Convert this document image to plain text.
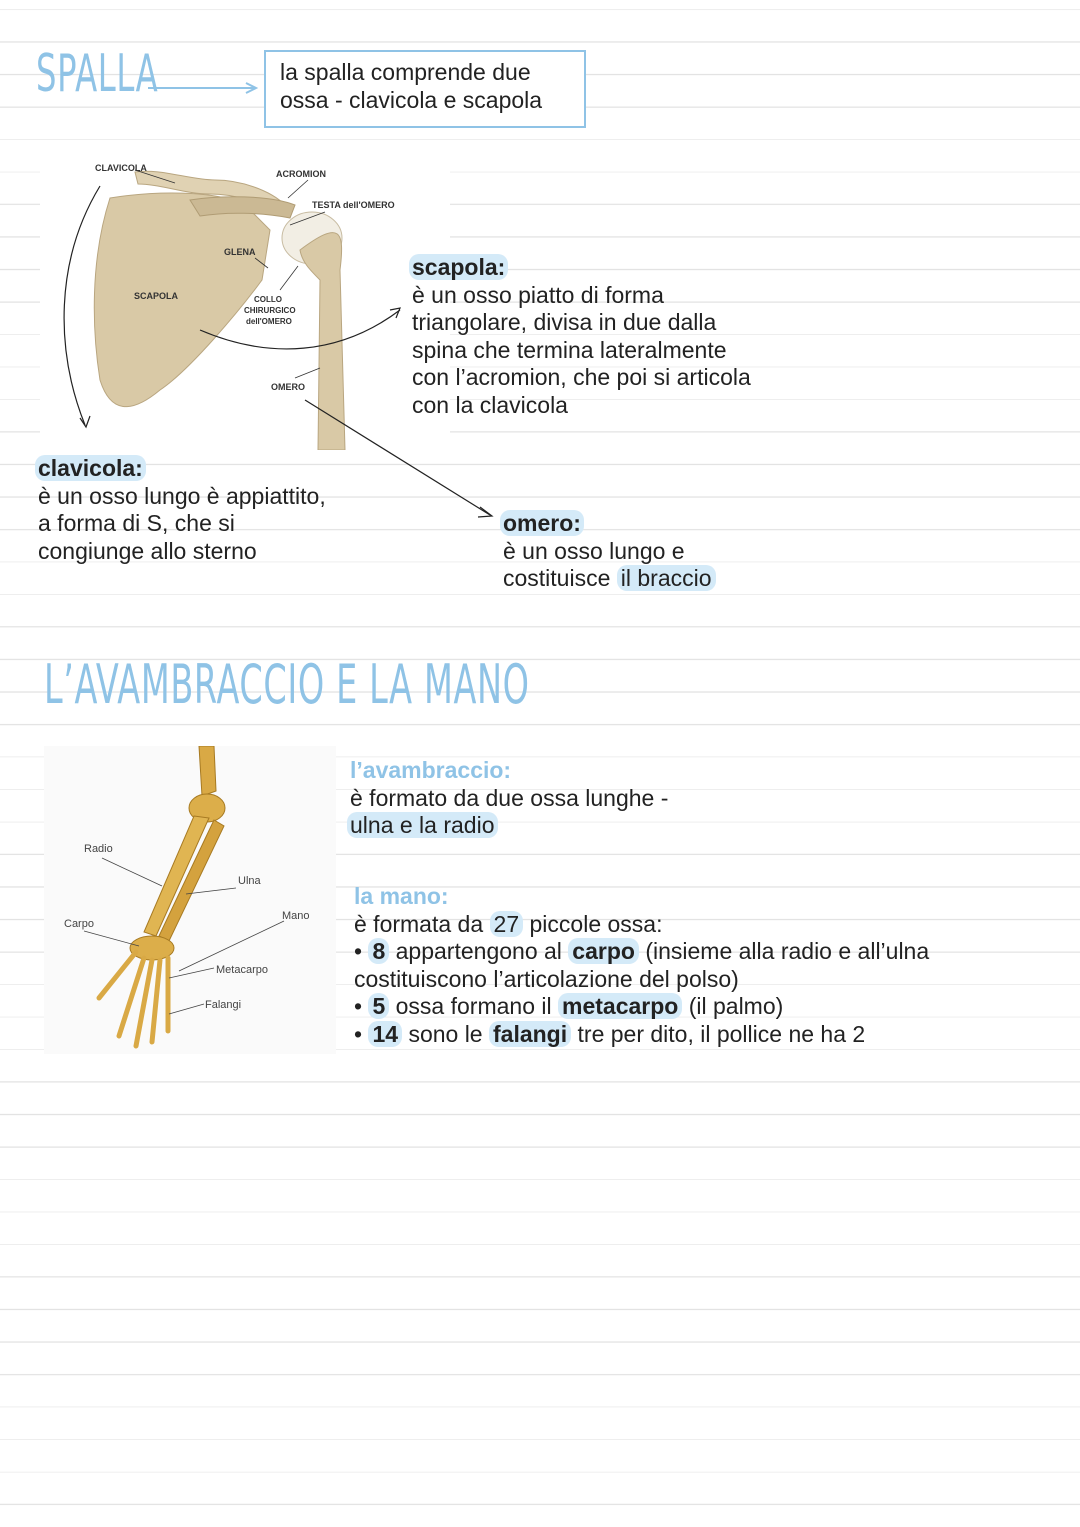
SPALLA	la spalla comprende due
ossa - clavicola e scapola
CLAVICOLA
ACROMION
TESTA dell'OMERO
GLENA
SCAPOLA	COLLO
CHIRURGICO
dell'OMERO
OMERO
scapola:
è un osso piatto di forma
triangolare, divisa in due dalla
spina che termina lateralmente
con l’acromion, che poi si articola
con la clavicola
clavicola:
è un osso lungo è appiattito,
a forma di S, che si
congiunge allo sterno
omero:
è un osso lungo e
costituisce il braccio
L’AVAMBRACCIO E LA MANO
Radio
Ulna
Carpo
Mano
Metacarpo
Falangi
l’avambraccio:
è formato da due ossa lunghe -
ulna e la radio
la mano:
è formata da 27 piccole ossa:
• 8 appartengono al carpo (insieme alla radio e all’ulna
costituiscono l’articolazione del polso)
• 5 ossa formano il metacarpo (il palmo)
• 14 sono le falangi tre per dito, il pollice ne ha 2
